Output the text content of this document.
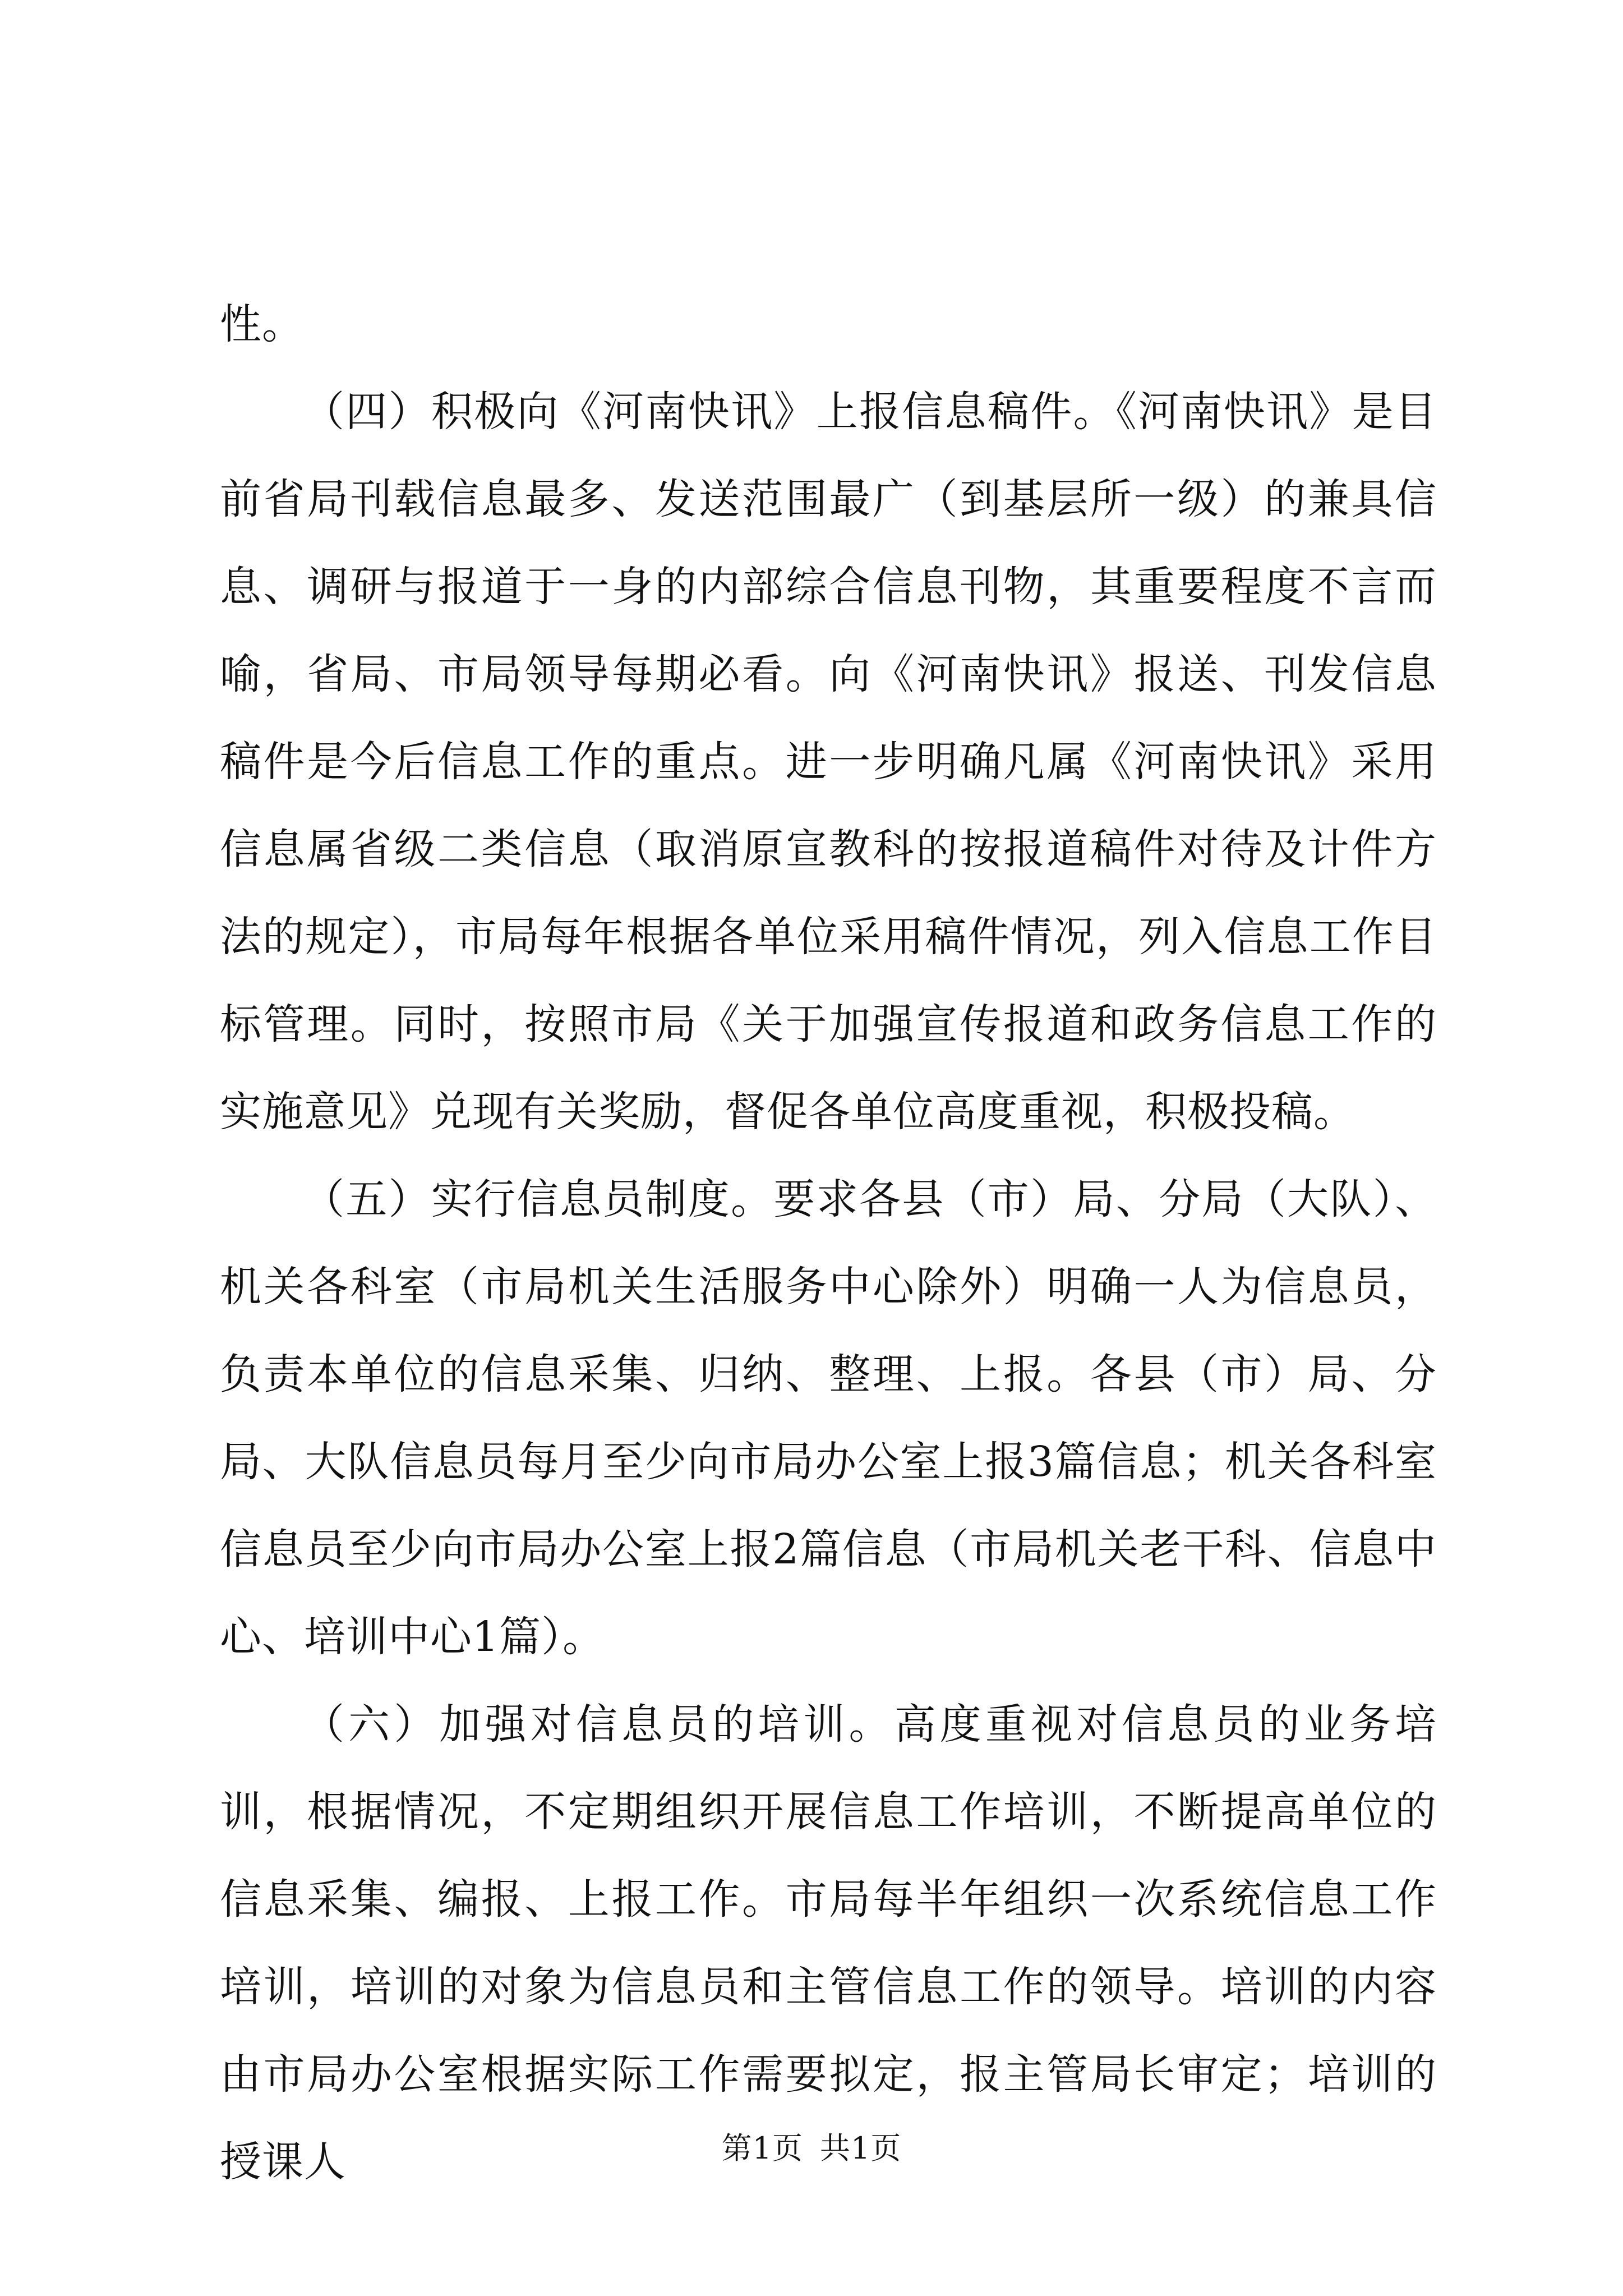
性。

（四）积极向《河南快讯》上报信息稿件。《河南快讯》是目前省局刊载信息最多、发送范围最广（到基层所一级）的兼具信息、调研与报道于一身的内部综合信息刊物，其重要程度不言而喻，省局、市局领导每期必看。向《河南快讯》报送、刊发信息稿件是今后信息工作的重点。进一步明确凡属《河南快讯》采用信息属省级二类信息（取消原宣教科的按报道稿件对待及计件方法的规定），市局每年根据各单位采用稿件情况，列入信息工作目标管理。同时，按照市局《关于加强宣传报道和政务信息工作的实施意见》兑现有关奖励，督促各单位高度重视，积极投稿。

（五）实行信息员制度。要求各县（市）局、分局（大队）、机关各科室（市局机关生活服务中心除外）明确一人为信息员，负责本单位的信息采集、归纳、整理、上报。各县（市）局、分局、大队信息员每月至少向市局办公室上报3篇信息；机关各科室信息员至少向市局办公室上报2篇信息（市局机关老干科、信息中心、培训中心1篇）。

（六）加强对信息员的培训。高度重视对信息员的业务培训，根据情况，不定期组织开展信息工作培训，不断提高单位的信息采集、编报、上报工作。市局每半年组织一次系统信息工作培训，培训的对象为信息员和主管信息工作的领导。培训的内容由市局办公室根据实际工作需要拟定，报主管局长审定；培训的授课人	第1页 共1页
